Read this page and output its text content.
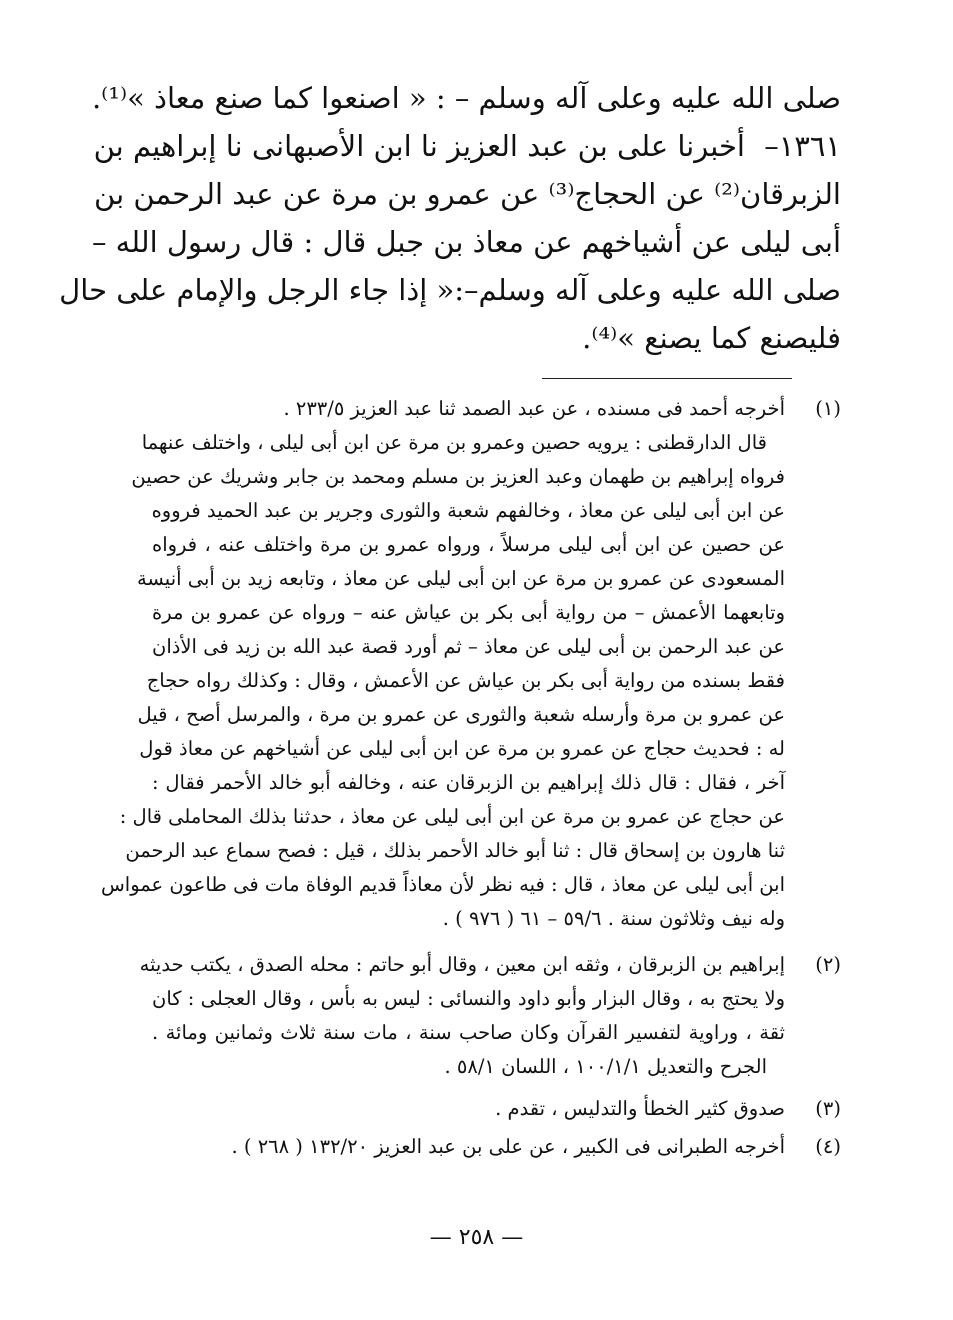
صلى الله عليه وعلى آله وسلم – : « اصنعوا كما صنع معاذ »⁽¹⁾.
١٣٦١–
أخبرنا على بن عبد العزيز نا ابن الأصبهانى نا إبراهيم بن
الزبرقان⁽²⁾ عن الحجاج⁽³⁾ عن عمرو بن مرة عن عبد الرحمن بن
أبى ليلى عن أشياخهم عن معاذ بن جبل قال : قال رسول الله –
صلى الله عليه وعلى آله وسلم–:« إذا جاء الرجل والإمام على حال
فليصنع كما يصنع »⁽⁴⁾.
(١)
أخرجه أحمد فى مسنده ، عن عبد الصمد ثنا عبد العزيز ٢٣٣/٥ .
قال الدارقطنى : يرويه حصين وعمرو بن مرة عن ابن أبى ليلى ، واختلف عنهما
فرواه إبراهيم بن طهمان وعبد العزيز بن مسلم ومحمد بن جابر وشريك عن حصين
عن ابن أبى ليلى عن معاذ ، وخالفهم شعبة والثورى وجرير بن عبد الحميد فرووه
عن حصين عن ابن أبى ليلى مرسلاً ، ورواه عمرو بن مرة واختلف عنه ، فرواه
المسعودى عن عمرو بن مرة عن ابن أبى ليلى عن معاذ ، وتابعه زيد بن أبى أنيسة
وتابعهما الأعمش – من رواية أبى بكر بن عياش عنه – ورواه عن عمرو بن مرة
عن عبد الرحمن بن أبى ليلى عن معاذ – ثم أورد قصة عبد الله بن زيد فى الأذان
فقط بسنده من رواية أبى بكر بن عياش عن الأعمش ، وقال : وكذلك رواه حجاج
عن عمرو بن مرة وأرسله شعبة والثورى عن عمرو بن مرة ، والمرسل أصح ، قيل
له : فحديث حجاج عن عمرو بن مرة عن ابن أبى ليلى عن أشياخهم عن معاذ قول
آخر ، فقال : قال ذلك إبراهيم بن الزبرقان عنه ، وخالفه أبو خالد الأحمر فقال :
عن حجاج عن عمرو بن مرة عن ابن أبى ليلى عن معاذ ، حدثنا بذلك المحاملى قال :
ثنا هارون بن إسحاق قال : ثنا أبو خالد الأحمر بذلك ، قيل : فصح سماع عبد الرحمن
ابن أبى ليلى عن معاذ ، قال : فيه نظر لأن معاذاً قديم الوفاة مات فى طاعون عمواس
وله نيف وثلاثون سنة . ٥٩/٦ – ٦١ ( ٩٧٦ ) .
(٢)
إبراهيم بن الزبرقان ، وثقه ابن معين ، وقال أبو حاتم : محله الصدق ، يكتب حديثه
ولا يحتج به ، وقال البزار وأبو داود والنسائى : ليس به بأس ، وقال العجلى : كان
ثقة ، وراوية لتفسير القرآن وكان صاحب سنة ، مات سنة ثلاث وثمانين ومائة .
الجرح والتعديل ١٠٠/١/١ ، اللسان ٥٨/١ .
(٣)
صدوق كثير الخطأ والتدليس ، تقدم .
(٤)
أخرجه الطبرانى فى الكبير ، عن على بن عبد العزيز ١٣٢/٢٠ ( ٢٦٨ ) .
— ٢٥٨ —
